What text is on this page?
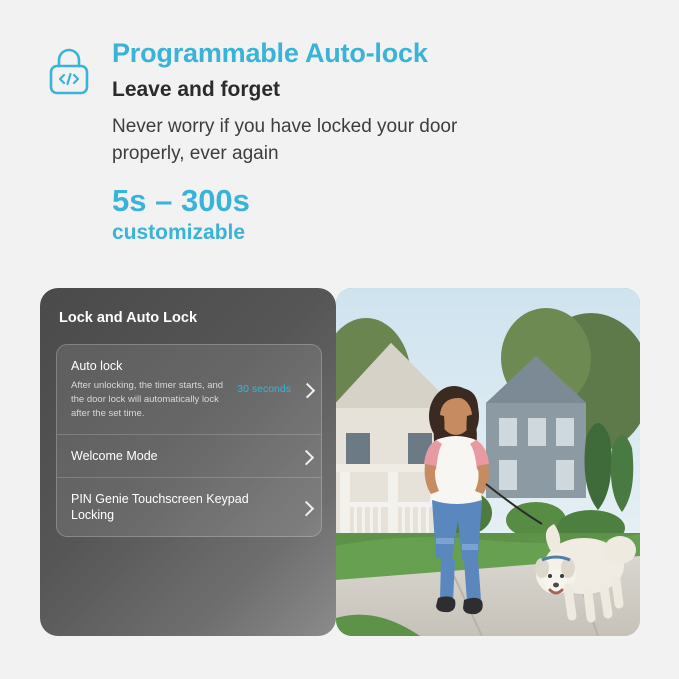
Programmable Auto-lock
Leave and forget

Never worry if you have locked your door properly, ever again

5s – 300s
customizable
Lock and Auto Lock
Auto lock
After unlocking, the timer starts, and the door lock will automatically lock after the set time.
30 seconds
Welcome Mode
PIN Genie Touchscreen Keypad Locking
